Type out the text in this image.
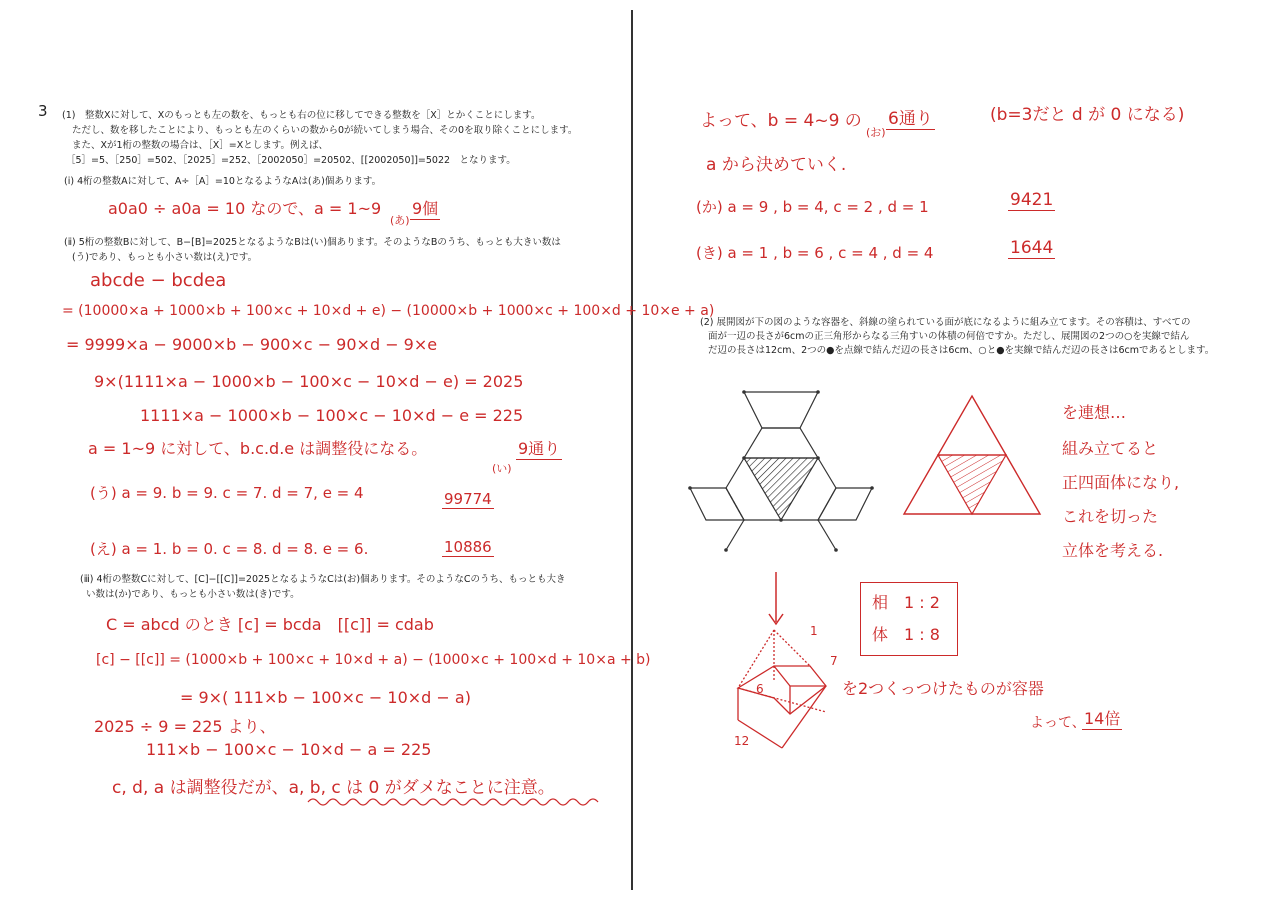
3 (1)　整数Xに対して、Xのもっとも左の数を、もっとも右の位に移してできる整数を［X］とかくことにします。
ただし、数を移したことにより、もっとも左のくらいの数から0が続いてしまう場合、その0を取り除くことにします。
また、Xが1桁の整数の場合は、［X］=Xとします。例えば、
［5］=5、［250］=502、［2025］=252、［2002050］=20502、[[2002050]]=5022　となります。
(ⅰ) 4桁の整数Aに対して、A÷［A］=10となるようなAは(あ)個あります。
a0a0 ÷ a0a = 10 なので、a = 1~9
(あ)
9個
(ⅱ) 5桁の整数Bに対して、B−[B]=2025となるようなBは(い)個あります。そのようなBのうち、もっとも大きい数は
(う)であり、もっとも小さい数は(え)です。
abcde − bcdea
= (10000×a + 1000×b + 100×c + 10×d + e) − (10000×b + 1000×c + 100×d + 10×e + a)
= 9999×a − 9000×b − 900×c − 90×d − 9×e
9×(1111×a − 1000×b − 100×c − 10×d − e) = 2025
1111×a − 1000×b − 100×c − 10×d − e = 225
a = 1~9 に対して、b.c.d.e は調整役になる。
(い)
9通り
(う) a = 9. b = 9. c = 7. d = 7, e = 4	99774
(え) a = 1. b = 0. c = 8. d = 8. e = 6.	10886
(ⅲ) 4桁の整数Cに対して、[C]−[[C]]=2025となるようなCは(お)個あります。そのようなCのうち、もっとも大き
い数は(か)であり、もっとも小さい数は(き)です。
C = abcd のとき [c] = bcda　[[c]] = cdab
[c] − [[c]] = (1000×b + 100×c + 10×d + a) − (1000×c + 100×d + 10×a + b)
= 9×( 111×b − 100×c − 10×d − a)
2025 ÷ 9 = 225 より、
111×b − 100×c − 10×d − a = 225
c, d, a は調整役だが、a, b, c は 0 がダメなことに注意。
よって、b = 4~9 の
(お)
6通り	(b=3だと d が 0 になる)
a から決めていく.
(か) a = 9 , b = 4, c = 2 , d = 1	9421
(き) a = 1 , b = 6 , c = 4 , d = 4	1644
(2) 展開図が下の図のような容器を、斜線の塗られている面が底になるように組み立てます。その容積は、すべての
面が一辺の長さが6cmの正三角形からなる三角すいの体積の何倍ですか。ただし、展開図の2つの○を実線で結ん
だ辺の長さは12cm、2つの●を点線で結んだ辺の長さは6cm、○と●を実線で結んだ辺の長さは6cmであるとします。
を連想…
組み立てると
正四面体になり,
これを切った
立体を考える.
相　1 : 2
体　1 : 8
1
7
6
12
を2つくっつけたものが容器
よって、
14倍
